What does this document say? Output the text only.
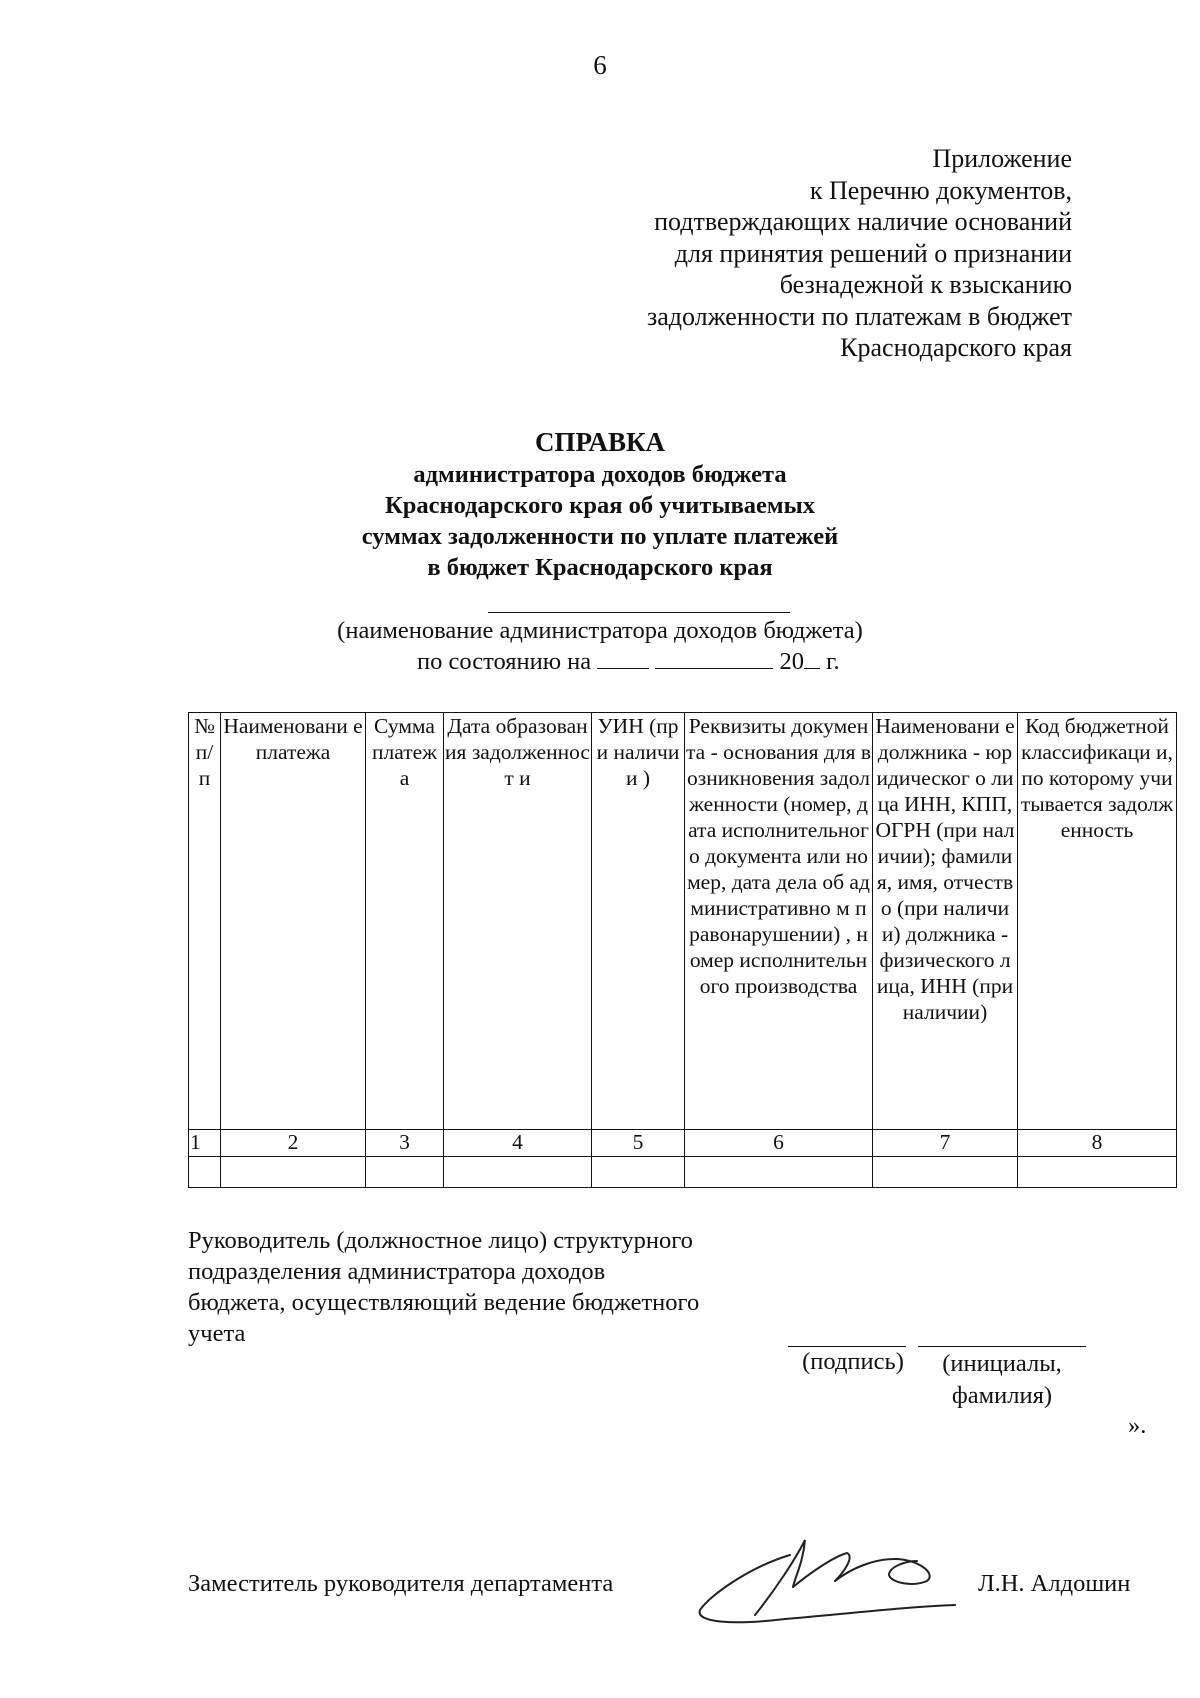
6
Приложение
к Перечню документов,
подтверждающих наличие оснований
для принятия решений о признании
безнадежной к взысканию
задолженности по платежам в бюджет
Краснодарского края
СПРАВКА
администратора доходов бюджета
Краснодарского края об учитываемых
суммах задолженности по уплате платежей
в бюджет Краснодарского края
(наименование администратора доходов бюджета)
по состоянию на	20 г.
№ п/ п	Наименовани е платежа	Сумма платеж а	Дата образования задолженност и	УИН (при наличии )	Реквизиты документа - основания для возникновения задолженности (номер, дата исполнительного документа или номер, дата дела об административно м правонарушении) , номер исполнительного производства	Наименовани е должника - юридическог о лица ИНН, КПП, ОГРН (при наличии); фамилия, имя, отчество (при наличии) должника - физического лица, ИНН (при наличии)	Код бюджетной классификаци и, по которому учитывается задолженность
1	2	3	4	5	6	7	8

Руководитель (должностное лицо) структурного
подразделения администратора доходов
бюджета, осуществляющий ведение бюджетного
учета
(подпись)	(инициалы,
фамилия)
».
Заместитель руководителя департамента	Л.Н. Алдошин
